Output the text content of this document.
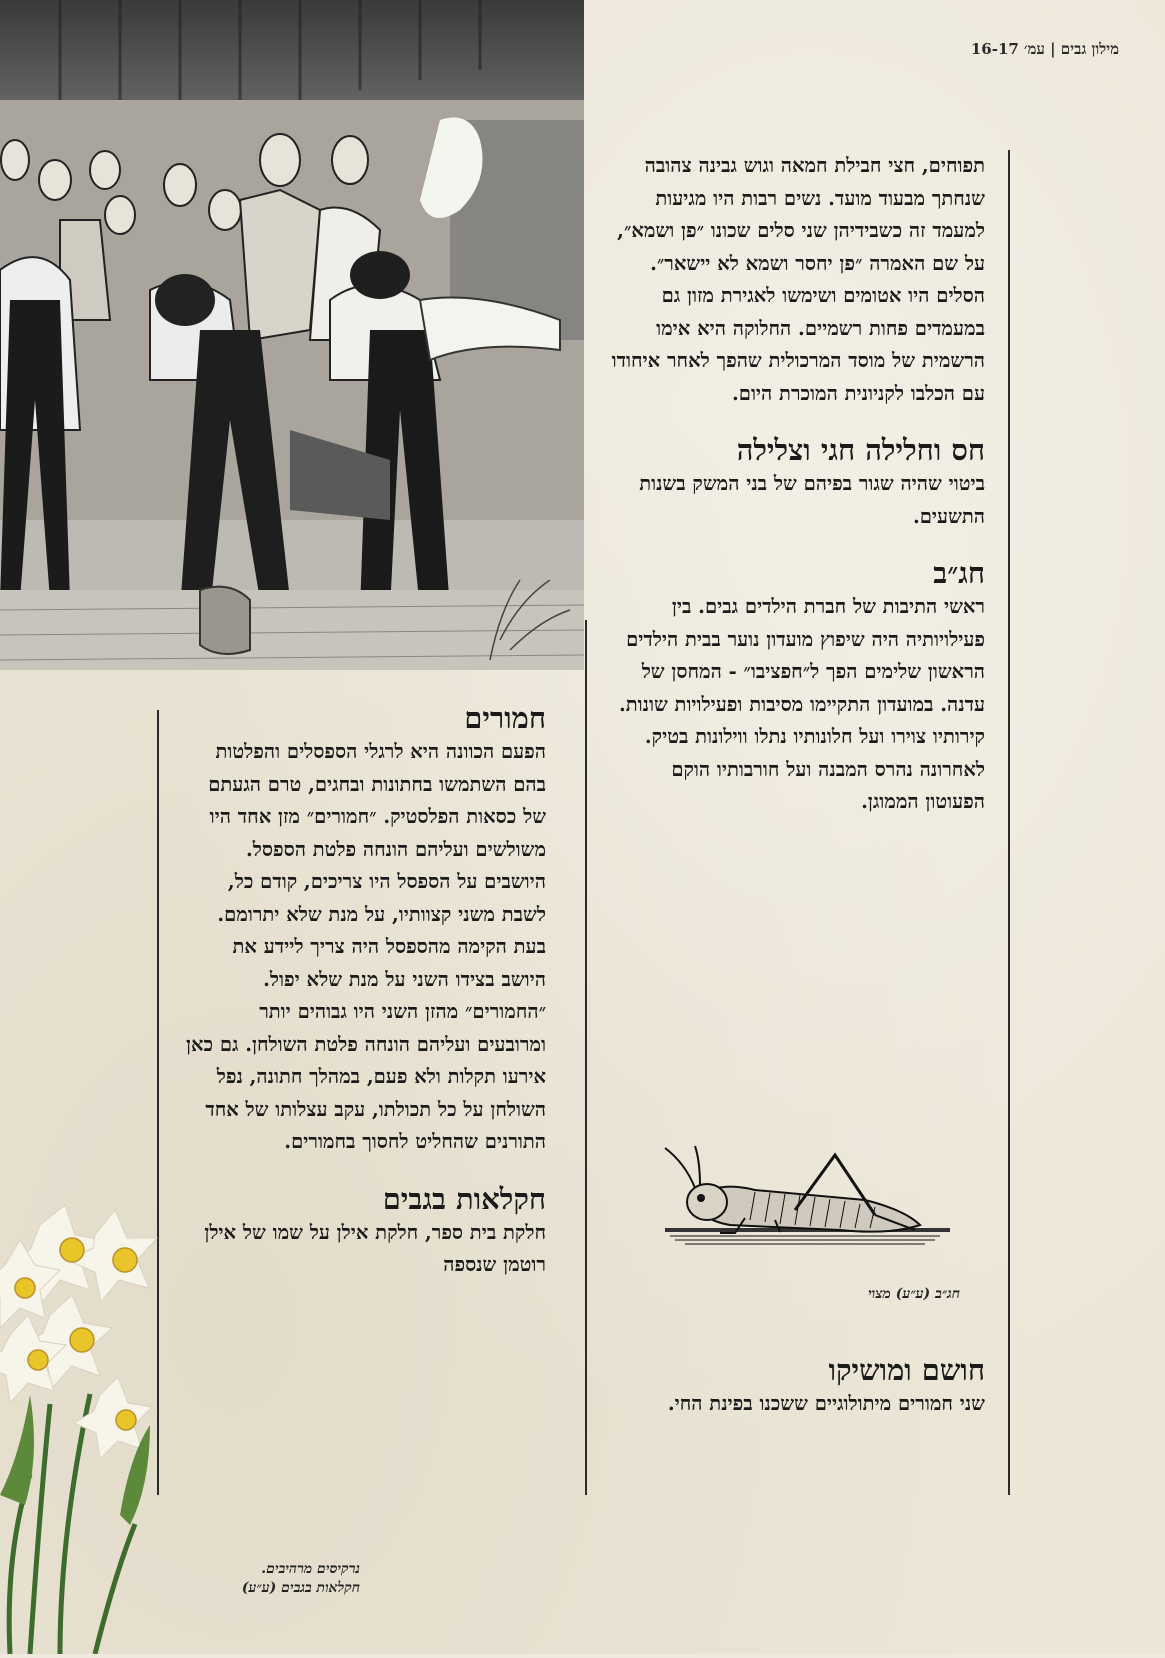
מילון גבים | עמ׳ 16-17

תפוחים, חצי חבילת חמאה וגוש גבינה צהובה שנחתך מבעוד מועד. נשים רבות היו מגיעות למעמד זה כשבידיהן שני סלים שכונו ״פן ושמא״, על שם האמרה ״פן יחסר ושמא לא יישאר״. הסלים היו אטומים ושימשו לאגירת מזון גם במעמדים פחות רשמיים. החלוקה היא אימו הרשמית של מוסד המרכולית שהפך לאחר איחודו עם הכלבו לקניונית המוכרת היום.

חס וחלילה חגי וצלילה

ביטוי שהיה שגור בפיהם של בני המשק בשנות התשעים.

חג״ב

ראשי התיבות של חברת הילדים גבים. בין פעילויותיה היה שיפוץ מועדון נוער בבית הילדים הראשון שלימים הפך ל״חפציבו״ - המחסן של עדנה. במועדון התקיימו מסיבות ופעילויות שונות. קירותיו צוירו ועל חלונותיו נתלו ווילונות בטיק. לאחרונה נהרס המבנה ועל חורבותיו הוקם הפעוטון הממוגן.

חג״ב (ע״ע) מצוי
חושם ומושיקו

שני חמורים מיתולוגיים ששכנו בפינת החי.

חמורים

הפעם הכוונה היא לרגלי הספסלים והפלטות בהם השתמשו בחתונות ובחגים, טרם הגעתם של כסאות הפלסטיק. ״חמורים״ מזן אחד היו משולשים ועליהם הונחה פלטת הספסל. היושבים על הספסל היו צריכים, קודם כל, לשבת משני קצוותיו, על מנת שלא יתרומם. בעת הקימה מהספסל היה צריך ליידע את היושב בצידו השני על מנת שלא יפול. ״החמורים״ מהזן השני היו גבוהים יותר ומרובעים ועליהם הונחה פלטת השולחן. גם כאן אירעו תקלות ולא פעם, במהלך חתונה, נפל השולחן על כל תכולתו, עקב עצלותו של אחד התורנים שהחליט לחסוך בחמורים.

חקלאות בגבים

חלקת בית ספר, חלקת אילן על שמו של אילן רוטמן שנספה

נרקיסים מרהיבים.
חקלאות בגבים (ע״ע)
